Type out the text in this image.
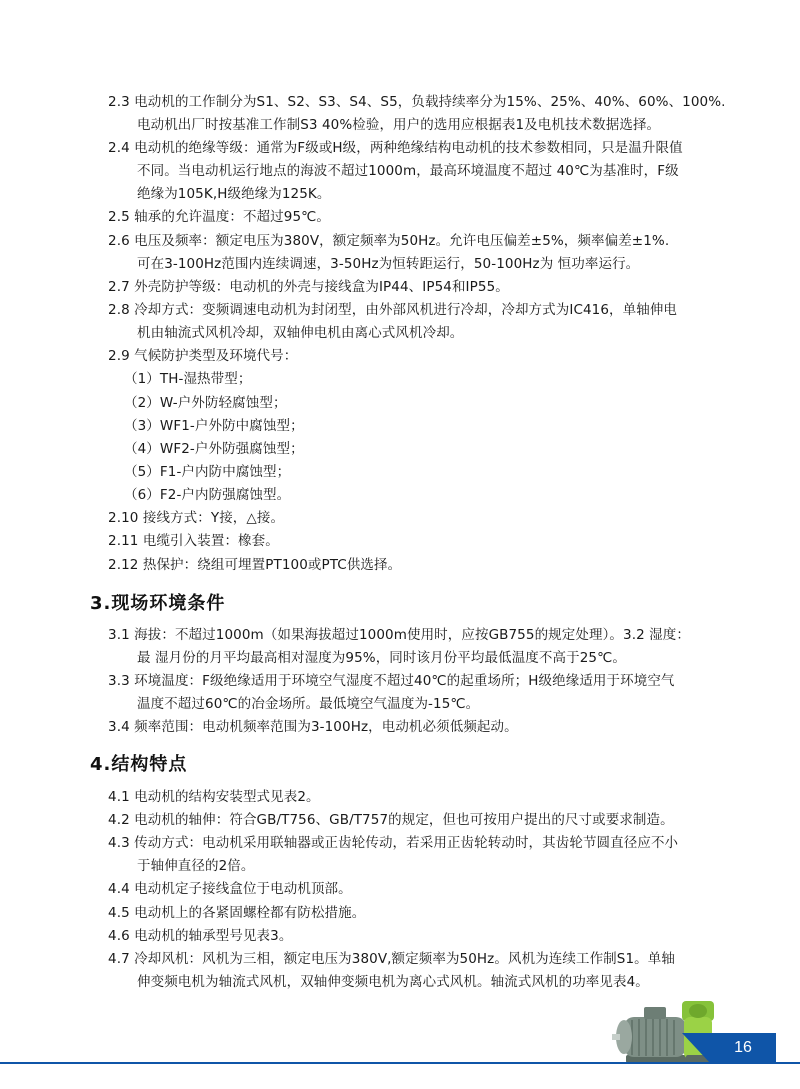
2.3 电动机的工作制分为S1、S2、S3、S4、S5，负载持续率分为15%、25%、40%、60%、100%.
电动机出厂时按基准工作制S3 40%检验，用户的选用应根据表1及电机技术数据选择。
2.4 电动机的绝缘等级：通常为F级或H级，两种绝缘结构电动机的技术参数相同，只是温升限值
不同。当电动机运行地点的海波不超过1000m，最高环境温度不超过 40℃为基准时，F级
绝缘为105K,H级绝缘为125K。
2.5 轴承的允许温度：不超过95℃。
2.6 电压及频率：额定电压为380V，额定频率为50Hz。允许电压偏差±5%，频率偏差±1%.
可在3-100Hz范围内连续调速，3-50Hz为恒转距运行，50-100Hz为 恒功率运行。
2.7 外壳防护等级：电动机的外壳与接线盒为IP44、IP54和IP55。
2.8 冷却方式：变频调速电动机为封闭型，由外部风机进行冷却，冷却方式为IC416，单轴伸电
机由轴流式风机冷却，双轴伸电机由离心式风机冷却。
2.9 气候防护类型及环境代号：
（1）TH-湿热带型；
（2）W-户外防轻腐蚀型；
（3）WF1-户外防中腐蚀型；
（4）WF2-户外防强腐蚀型；
（5）F1-户内防中腐蚀型；
（6）F2-户内防强腐蚀型。
2.10 接线方式：Y接，△接。
2.11 电缆引入装置：橡套。
2.12 热保护：绕组可埋置PT100或PTC供选择。
3.现场环境条件
3.1 海拔：不超过1000m（如果海拔超过1000m使用时，应按GB755的规定处理）。3.2 湿度：
最 湿月份的月平均最高相对湿度为95%，同时该月份平均最低温度不高于25℃。
3.3 环境温度：F级绝缘适用于环境空气湿度不超过40℃的起重场所；H级绝缘适用于环境空气
温度不超过60℃的冶金场所。最低境空气温度为-15℃。
3.4 频率范围：电动机频率范围为3-100Hz，电动机必须低频起动。
4.结构特点
4.1 电动机的结构安装型式见表2。
4.2 电动机的轴伸：符合GB/T756、GB/T757的规定，但也可按用户提出的尺寸或要求制造。
4.3 传动方式：电动机采用联轴器或正齿轮传动，若采用正齿轮转动时，其齿轮节圆直径应不小
于轴伸直径的2倍。
4.4 电动机定子接线盒位于电动机顶部。
4.5 电动机上的各紧固螺栓都有防松措施。
4.6 电动机的轴承型号见表3。
4.7 冷却风机：风机为三相，额定电压为380V,额定频率为50Hz。风机为连续工作制S1。单轴
伸变频电机为轴流式风机，双轴伸变频电机为离心式风机。轴流式风机的功率见表4。
16
